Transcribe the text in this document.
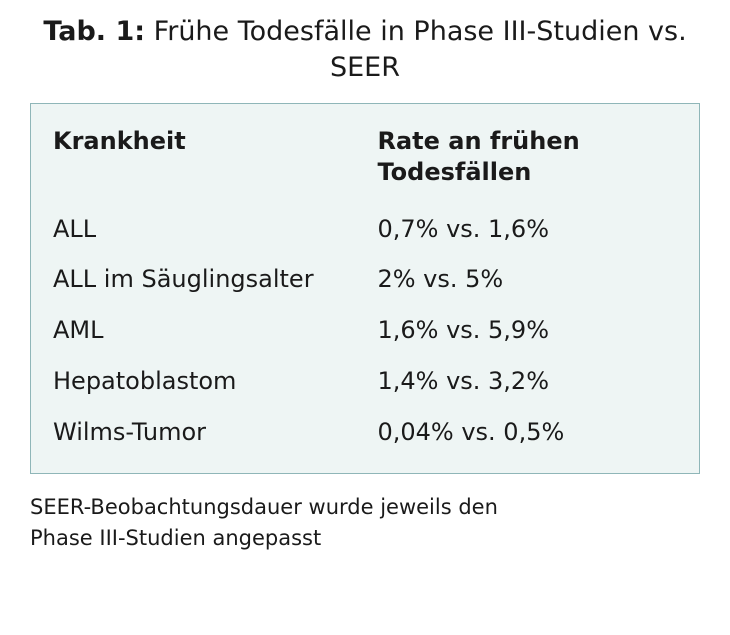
Tab. 1: Frühe Todesfälle in Phase III-Studien vs. SEER
Krankheit	Rate an frühen
Todesfällen

ALL	0,7% vs. 1,6%
ALL im Säuglingsalter	2% vs. 5%
AML	1,6% vs. 5,9%
Hepatoblastom	1,4% vs. 3,2%
Wilms-Tumor	0,04% vs. 0,5%
SEER-Beobachtungsdauer wurde jeweils den
Phase III-Studien angepasst
